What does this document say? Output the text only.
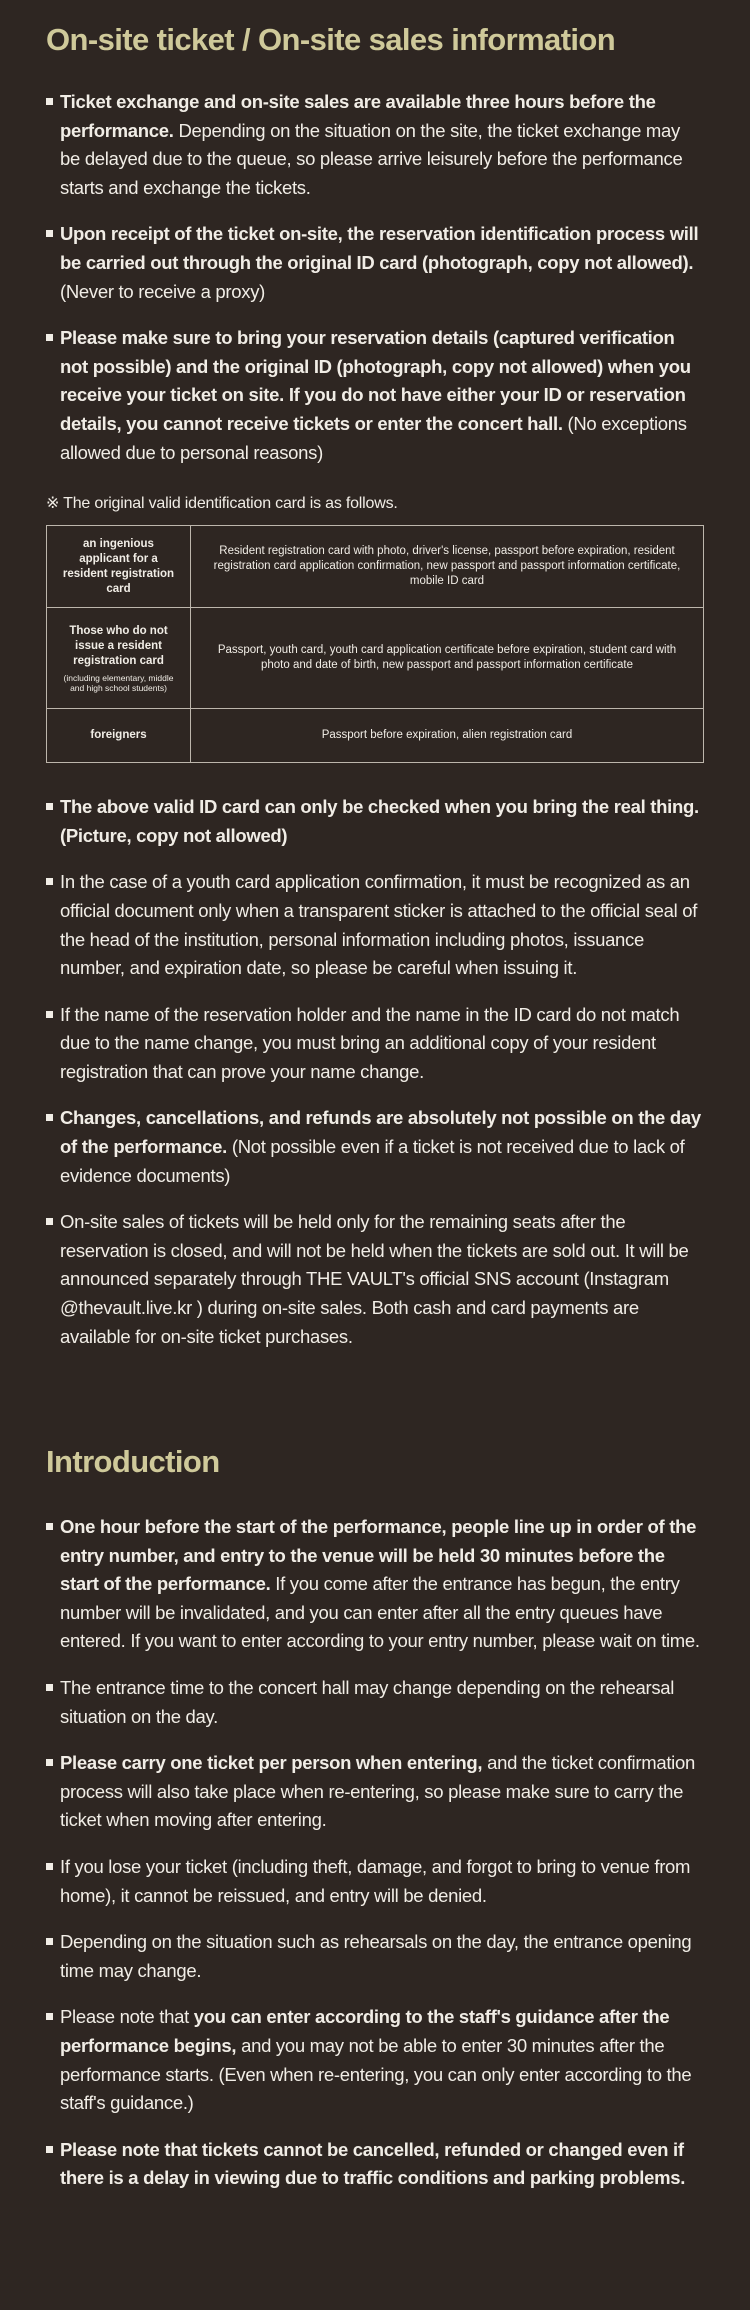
On-site ticket / On-site sales information
Ticket exchange and on-site sales are available three hours before the performance. Depending on the situation on the site, the ticket exchange may be delayed due to the queue, so please arrive leisurely before the performance starts and exchange the tickets.
Upon receipt of the ticket on-site, the reservation identification process will be carried out through the original ID card (photograph, copy not allowed). (Never to receive a proxy)
Please make sure to bring your reservation details (captured verification not possible) and the original ID (photograph, copy not allowed) when you receive your ticket on site. If you do not have either your ID or reservation details, you cannot receive tickets or enter the concert hall. (No exceptions allowed due to personal reasons)
※ The original valid identification card is as follows.
an ingenious applicant for a resident registration card	Resident registration card with photo, driver's license, passport before expiration, resident registration card application confirmation, new passport and passport information certificate, mobile ID card
Those who do not issue a resident registration card
(including elementary, middle and high school students)	Passport, youth card, youth card application certificate before expiration, student card with photo and date of birth, new passport and passport information certificate
foreigners	Passport before expiration, alien registration card
The above valid ID card can only be checked when you bring the real thing. (Picture, copy not allowed)
In the case of a youth card application confirmation, it must be recognized as an official document only when a transparent sticker is attached to the official seal of the head of the institution, personal information including photos, issuance number, and expiration date, so please be careful when issuing it.
If the name of the reservation holder and the name in the ID card do not match due to the name change, you must bring an additional copy of your resident registration that can prove your name change.
Changes, cancellations, and refunds are absolutely not possible on the day of the performance. (Not possible even if a ticket is not received due to lack of evidence documents)
On-site sales of tickets will be held only for the remaining seats after the reservation is closed, and will not be held when the tickets are sold out. It will be announced separately through THE VAULT's official SNS account (Instagram @thevault.live.kr ) during on-site sales. Both cash and card payments are available for on-site ticket purchases.
Introduction
One hour before the start of the performance, people line up in order of the entry number, and entry to the venue will be held 30 minutes before the start of the performance. If you come after the entrance has begun, the entry number will be invalidated, and you can enter after all the entry queues have entered. If you want to enter according to your entry number, please wait on time.
The entrance time to the concert hall may change depending on the rehearsal situation on the day.
Please carry one ticket per person when entering, and the ticket confirmation process will also take place when re-entering, so please make sure to carry the ticket when moving after entering.
If you lose your ticket (including theft, damage, and forgot to bring to venue from home), it cannot be reissued, and entry will be denied.
Depending on the situation such as rehearsals on the day, the entrance opening time may change.
Please note that you can enter according to the staff's guidance after the performance begins, and you may not be able to enter 30 minutes after the performance starts. (Even when re-entering, you can only enter according to the staff's guidance.)
Please note that tickets cannot be cancelled, refunded or changed even if there is a delay in viewing due to traffic conditions and parking problems.
